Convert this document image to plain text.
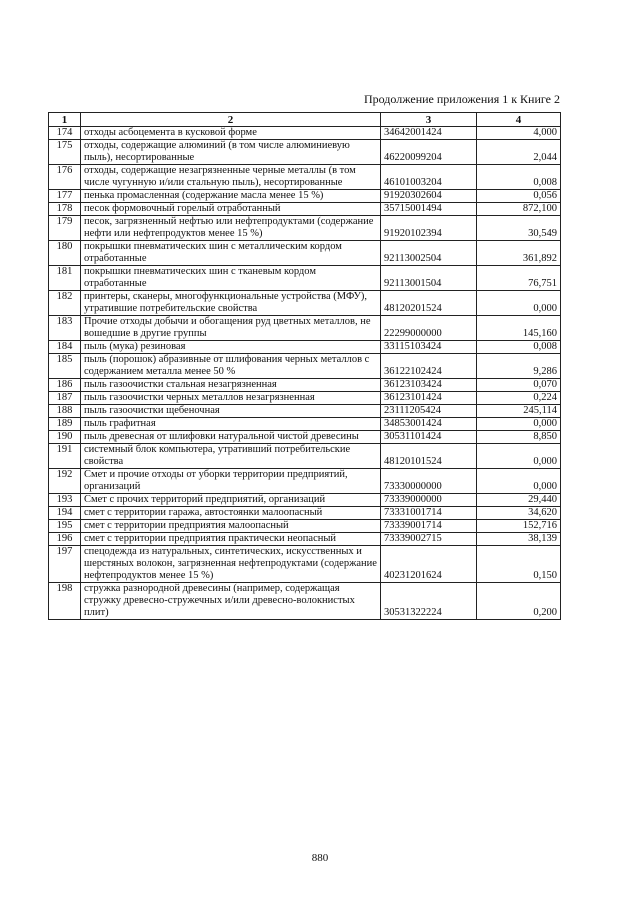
Продолжение приложения 1 к Книге 2
1	2	3	4
174	отходы асбоцемента в кусковой форме	34642001424	4,000
175	отходы, содержащие алюминий (в том числе алюминиевую пыль), несортированные	46220099204	2,044
176	отходы, содержащие незагрязненные черные металлы (в том числе чугунную и/или стальную пыль), несортированные	46101003204	0,008
177	пенька промасленная (содержание масла менее 15 %)	91920302604	0,056
178	песок формовочный горелый отработанный	35715001494	872,100
179	песок, загрязненный нефтью или нефтепродуктами (содержание нефти или нефтепродуктов менее 15 %)	91920102394	30,549
180	покрышки пневматических шин с металлическим кордом отработанные	92113002504	361,892
181	покрышки пневматических шин с тканевым кордом отработанные	92113001504	76,751
182	принтеры, сканеры, многофункциональные устройства (МФУ), утратившие потребительские свойства	48120201524	0,000
183	Прочие отходы добычи и обогащения руд цветных металлов, не вошедшие в другие группы	22299000000	145,160
184	пыль (мука) резиновая	33115103424	0,008
185	пыль (порошок) абразивные от шлифования черных металлов с содержанием металла менее 50 %	36122102424	9,286
186	пыль газоочистки стальная незагрязненная	36123103424	0,070
187	пыль газоочистки черных металлов незагрязненная	36123101424	0,224
188	пыль газоочистки щебеночная	23111205424	245,114
189	пыль графитная	34853001424	0,000
190	пыль древесная от шлифовки натуральной чистой древесины	30531101424	8,850
191	системный блок компьютера, утративший потребительские свойства	48120101524	0,000
192	Смет и прочие отходы от уборки территории предприятий, организаций	73330000000	0,000
193	Смет с прочих территорий предприятий, организаций	73339000000	29,440
194	смет с территории гаража, автостоянки малоопасный	73331001714	34,620
195	смет с территории предприятия малоопасный	73339001714	152,716
196	смет с территории предприятия практически неопасный	73339002715	38,139
197	спецодежда из натуральных, синтетических, искусственных и шерстяных волокон, загрязненная нефтепродуктами (содержание нефтепродуктов менее 15 %)	40231201624	0,150
198	стружка разнородной древесины (например, содержащая стружку древесно-стружечных и/или древесно-волокнистых плит)	30531322224	0,200
880
